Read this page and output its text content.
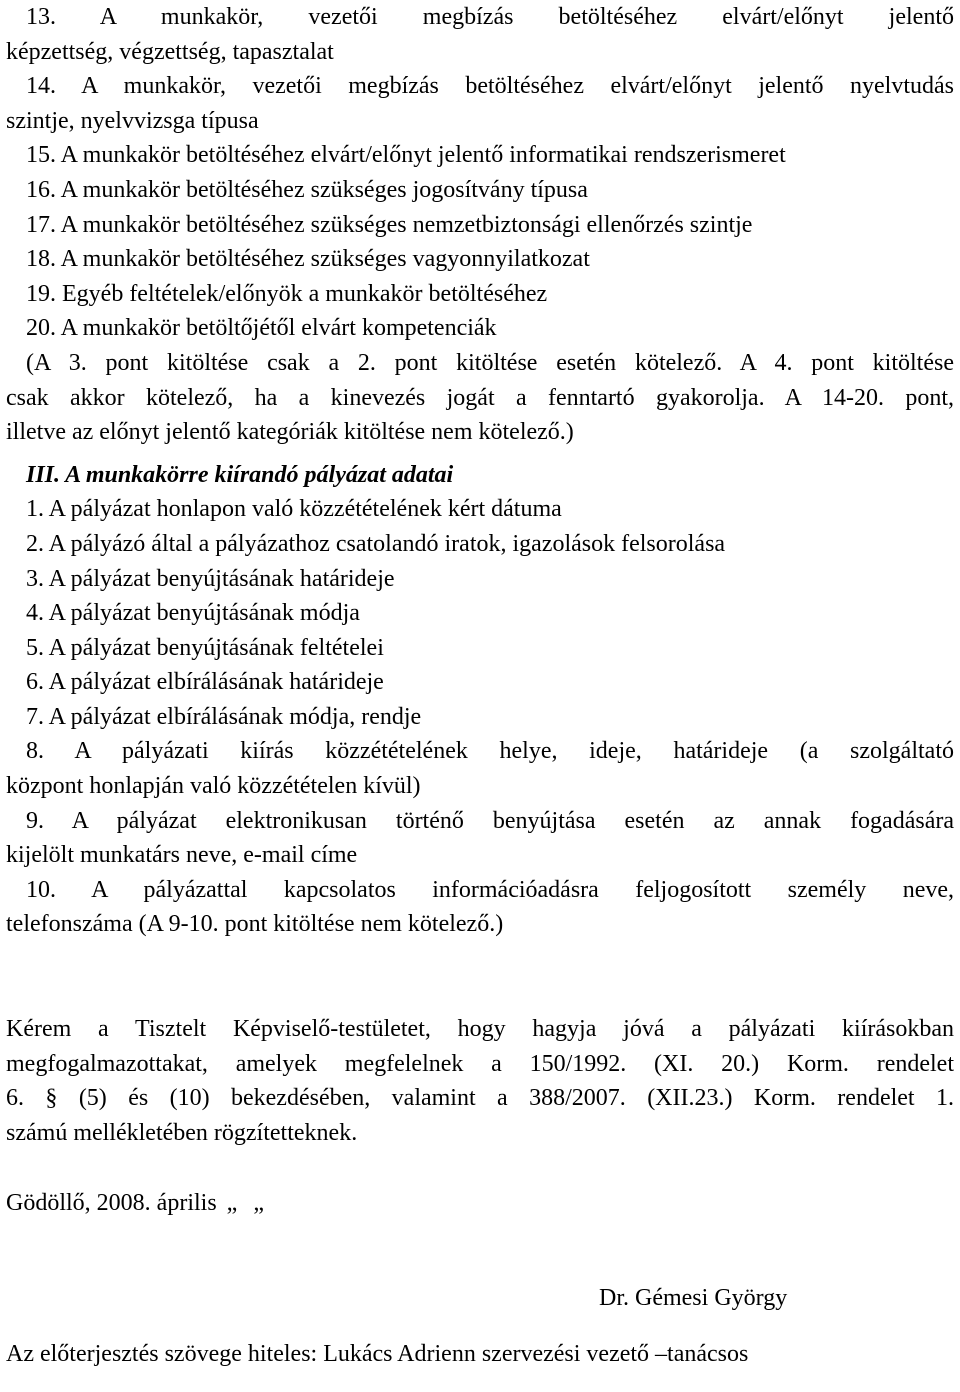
13. A munkakör, vezetői megbízás betöltéséhez elvárt/előnyt jelentő
képzettség, végzettség, tapasztalat
14. A munkakör, vezetői megbízás betöltéséhez elvárt/előnyt jelentő nyelvtudás
szintje, nyelvvizsga típusa
15. A munkakör betöltéséhez elvárt/előnyt jelentő informatikai rendszerismeret
16. A munkakör betöltéséhez szükséges jogosítvány típusa
17. A munkakör betöltéséhez szükséges nemzetbiztonsági ellenőrzés szintje
18. A munkakör betöltéséhez szükséges vagyonnyilatkozat
19. Egyéb feltételek/előnyök a munkakör betöltéséhez
20. A munkakör betöltőjétől elvárt kompetenciák
(A 3. pont kitöltése csak a 2. pont kitöltése esetén kötelező. A 4. pont kitöltése
csak akkor kötelező, ha a kinevezés jogát a fenntartó gyakorolja. A 14-20. pont,
illetve az előnyt jelentő kategóriák kitöltése nem kötelező.)
III. A munkakörre kiírandó pályázat adatai
1. A pályázat honlapon való közzétételének kért dátuma
2. A pályázó által a pályázathoz csatolandó iratok, igazolások felsorolása
3. A pályázat benyújtásának határideje
4. A pályázat benyújtásának módja
5. A pályázat benyújtásának feltételei
6. A pályázat elbírálásának határideje
7. A pályázat elbírálásának módja, rendje
8. A pályázati kiírás közzétételének helye, ideje, határideje (a szolgáltató
központ honlapján való közzétételen kívül)
9. A pályázat elektronikusan történő benyújtása esetén az annak fogadására
kijelölt munkatárs neve, e-mail címe
10. A pályázattal kapcsolatos információadásra feljogosított személy neve,
telefonszáma (A 9-10. pont kitöltése nem kötelező.)
Kérem a Tisztelt Képviselő-testületet, hogy hagyja jóvá a pályázati kiírásokban
megfogalmazottakat, amelyek megfelelnek a 150/1992. (XI. 20.) Korm. rendelet
6. § (5) és (10) bekezdésében, valamint a 388/2007. (XII.23.) Korm. rendelet 1.
számú mellékletében rögzítetteknek.
Gödöllő, 2008. április „ „
Dr. Gémesi György
Az előterjesztés szövege hiteles: Lukács Adrienn szervezési vezető –tanácsos
